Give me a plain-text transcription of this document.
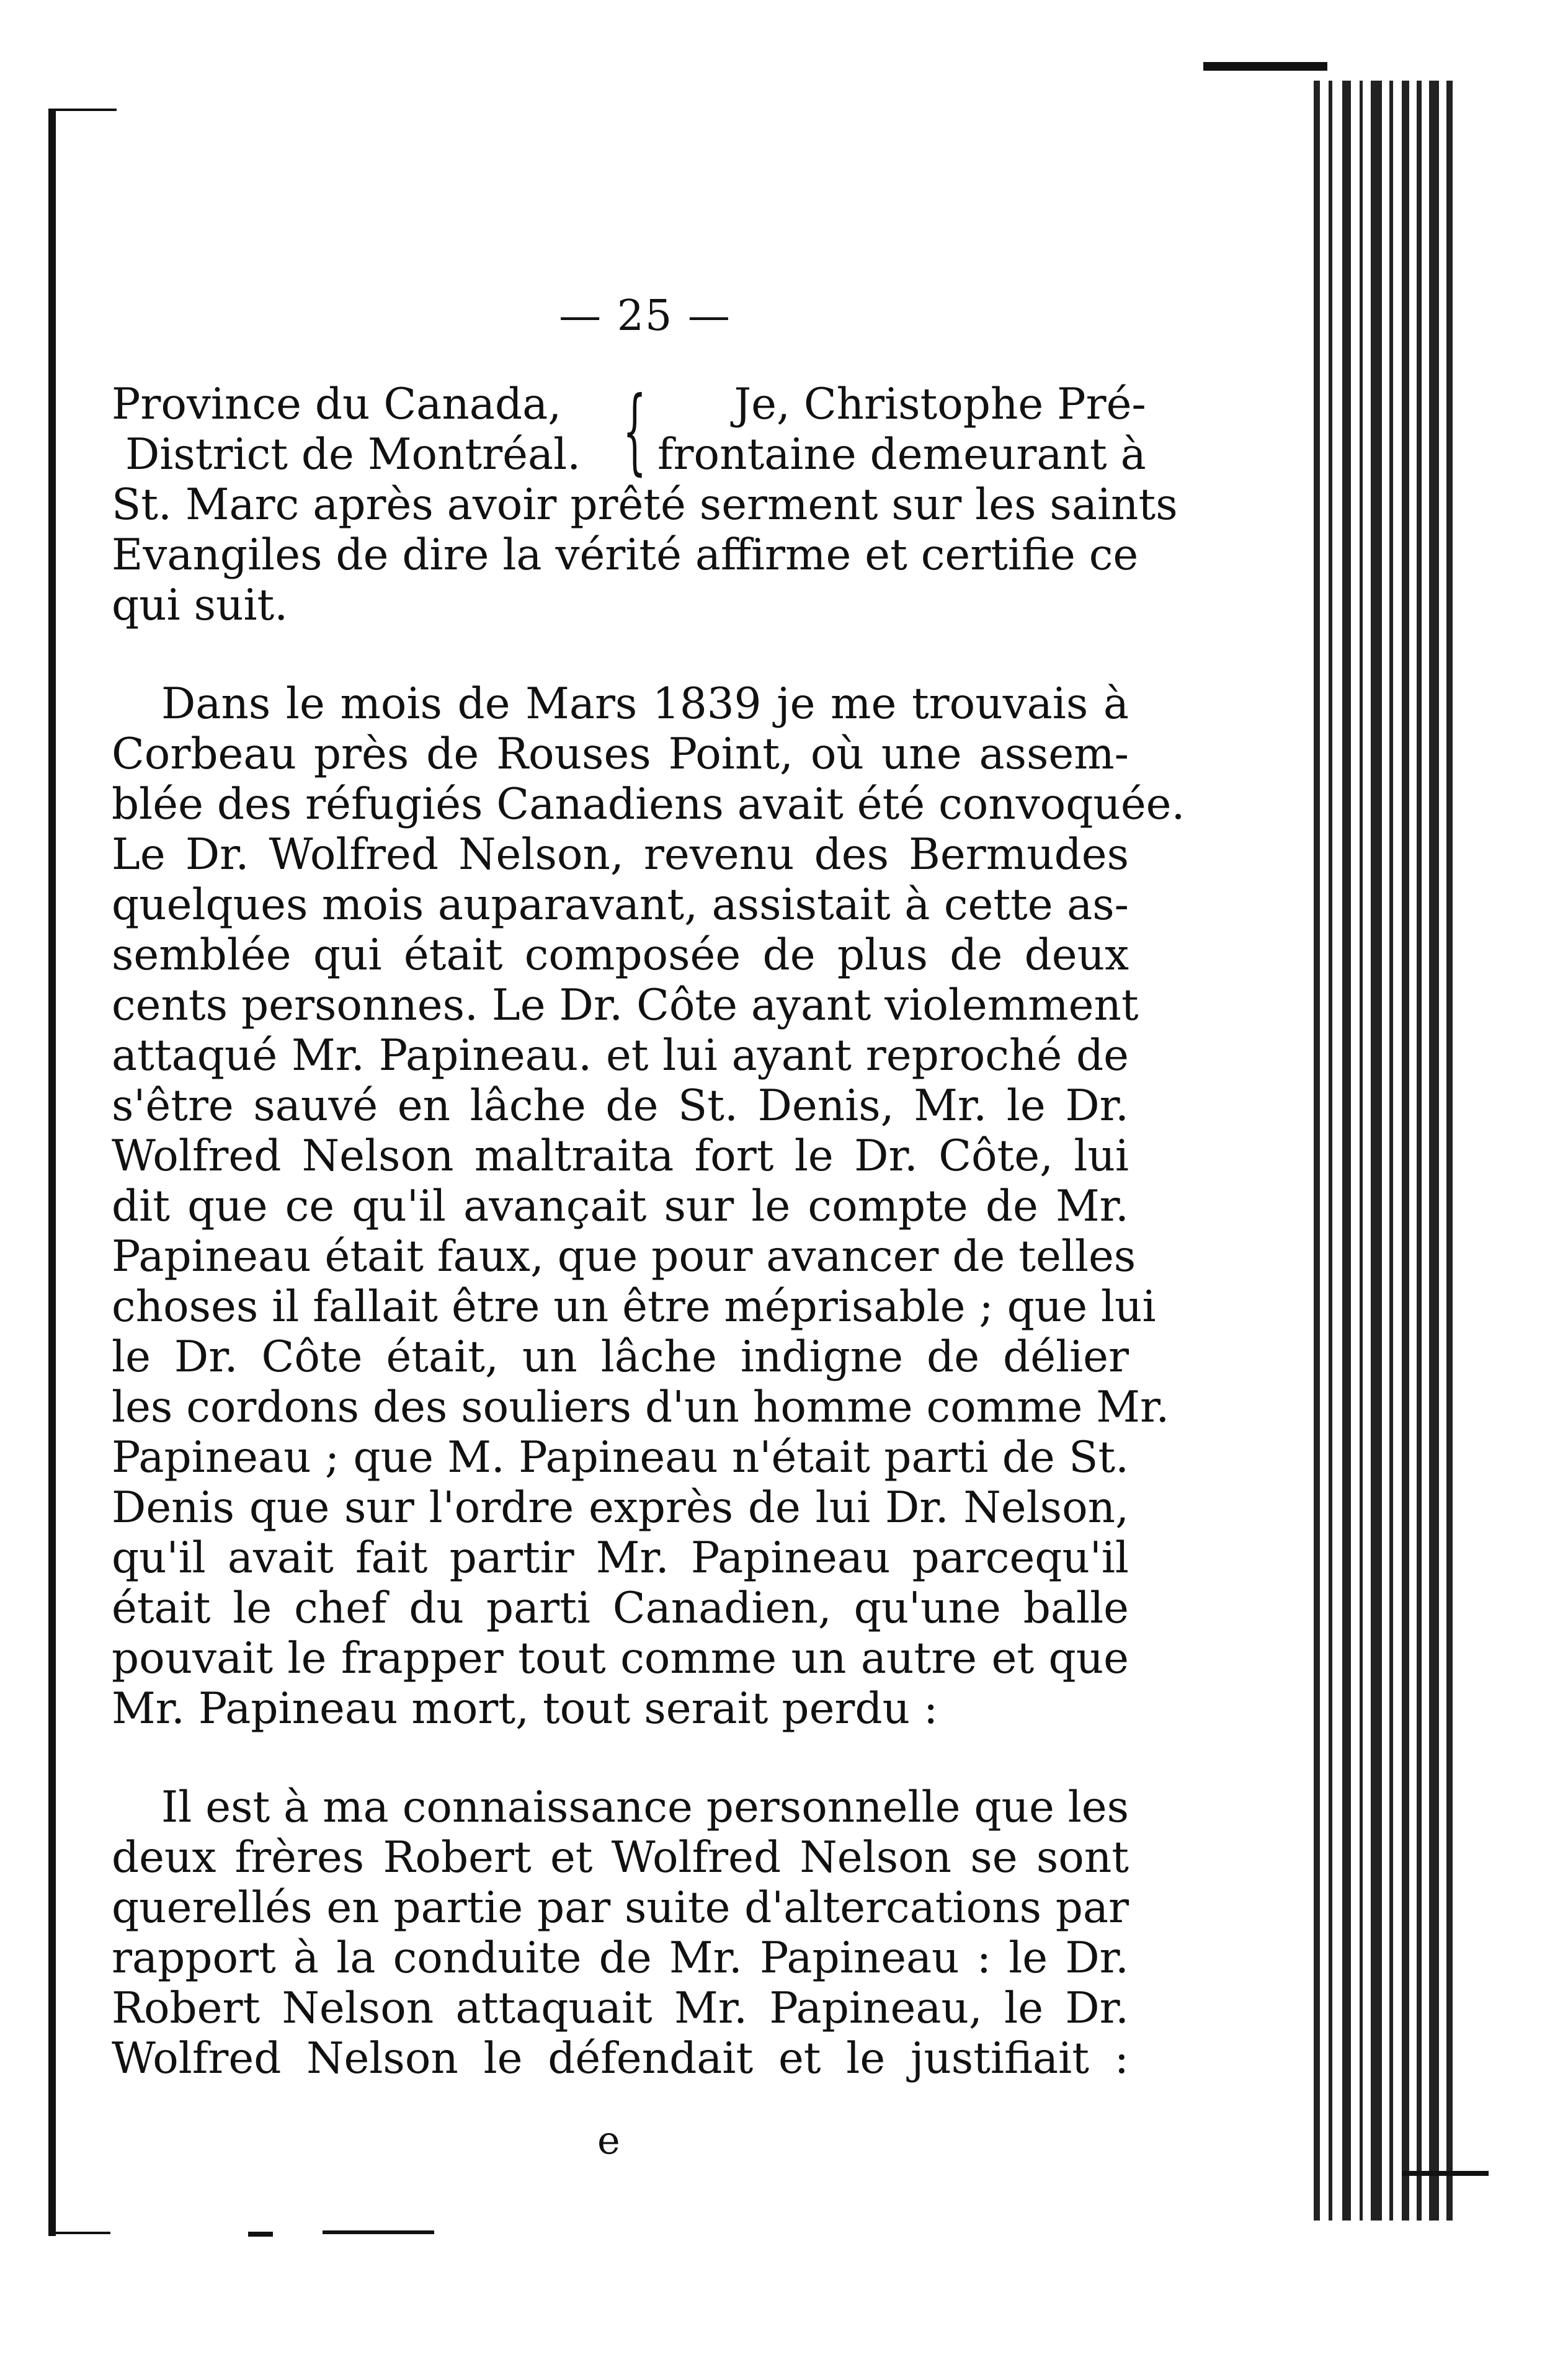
— 25 —
Province du Canada,
District de Montréal. {	Je, Christophe Pré-
frontaine demeurant à
St. Marc après avoir prêté serment sur les saints
Evangiles de dire la vérité affirme et certifie ce
qui suit.
Dans le mois de Mars 1839 je me trouvais à
Corbeau près de Rouses Point, où une assem-
blée des réfugiés Canadiens avait été convoquée.
Le Dr. Wolfred Nelson, revenu des Bermudes
quelques mois auparavant, assistait à cette as-
semblée qui était composée de plus de deux
cents personnes. Le Dr. Côte ayant violemment
attaqué Mr. Papineau. et lui ayant reproché de
s'être sauvé en lâche de St. Denis, Mr. le Dr.
Wolfred Nelson maltraita fort le Dr. Côte, lui
dit que ce qu'il avançait sur le compte de Mr.
Papineau était faux, que pour avancer de telles
choses il fallait être un être méprisable ; que lui
le Dr. Côte était, un lâche indigne de délier
les cordons des souliers d'un homme comme Mr.
Papineau ; que M. Papineau n'était parti de St.
Denis que sur l'ordre exprès de lui Dr. Nelson,
qu'il avait fait partir Mr. Papineau parcequ'il
était le chef du parti Canadien, qu'une balle
pouvait le frapper tout comme un autre et que
Mr. Papineau mort, tout serait perdu :
Il est à ma connaissance personnelle que les
deux frères Robert et Wolfred Nelson se sont
querellés en partie par suite d'altercations par
rapport à la conduite de Mr. Papineau : le Dr.
Robert Nelson attaquait Mr. Papineau, le Dr.
Wolfred Nelson le défendait et le justifiait :
e
